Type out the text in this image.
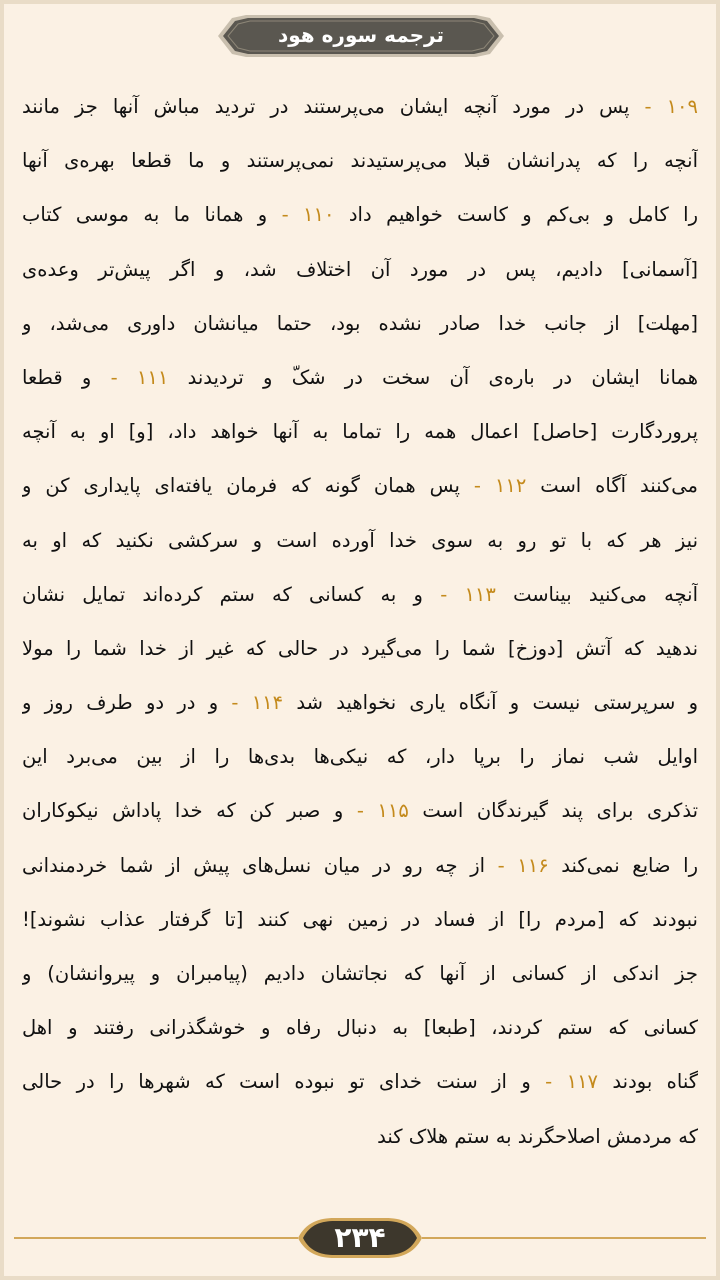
ترجمه سوره هود
۱۰۹ - پس در مورد آنچه ایشان می‌پرستند در تردید مباش آنها جز مانند
آنچه را که پدرانشان قبلا می‌پرستیدند نمی‌پرستند و ما قطعا بهره‌ی آنها
را کامل و بی‌کم و کاست خواهیم داد ۱۱۰ - و همانا ما به موسی کتاب
[آسمانی] دادیم، پس در مورد آن اختلاف شد، و اگر پیش‌تر وعده‌ی
[مهلت] از جانب خدا صادر نشده بود، حتما میانشان داوری می‌شد، و
همانا ایشان در باره‌ی آن سخت در شکّ و تردیدند ۱۱۱ - و قطعا
پروردگارت [حاصل] اعمال همه را تماما به آنها خواهد داد، [و] او به آنچه
می‌کنند آگاه است ۱۱۲ - پس همان گونه که فرمان یافته‌ای پایداری کن و
نیز هر که با تو رو به سوی خدا آورده است و سرکشی نکنید که او به
آنچه می‌کنید بیناست ۱۱۳ - و به کسانی که ستم کرده‌اند تمایل نشان
ندهید که آتش [دوزخ] شما را می‌گیرد در حالی که غیر از خدا شما را مولا
و سرپرستی نیست و آنگاه یاری نخواهید شد ۱۱۴ - و در دو طرف روز و
اوایل شب نماز را برپا دار، که نیکی‌ها بدی‌ها را از بین می‌برد این
تذکری برای پند گیرندگان است ۱۱۵ - و صبر کن که خدا پاداش نیکوکاران
را ضایع نمی‌کند ۱۱۶ - از چه رو در میان نسل‌های پیش از شما خردمندانی
نبودند که [مردم را] از فساد در زمین نهی کنند [تا گرفتار عذاب نشوند]!
جز اندکی از کسانی از آنها که نجاتشان دادیم (پیامبران و پیروانشان) و
کسانی که ستم کردند، [طبعا] به دنبال رفاه و خوشگذرانی رفتند و اهل
گناه بودند ۱۱۷ - و از سنت خدای تو نبوده است که شهرها را در حالی
که مردمش اصلاحگرند به ستم هلاک کند
۲۳۴
